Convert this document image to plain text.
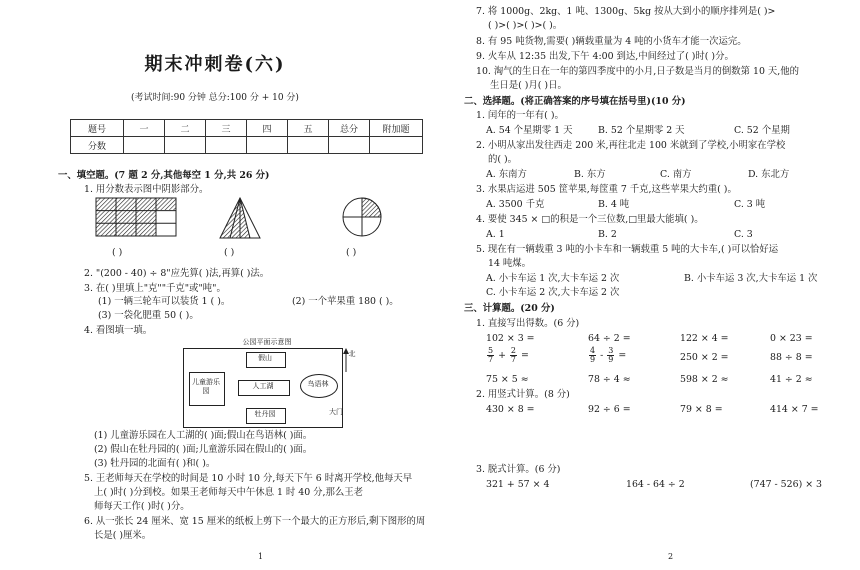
期末冲刺卷(六)
(考试时间:90 分钟 总分:100 分 + 10 分)
题号	一	二	三	四	五	总分	附加题
分数							
一、填空题。(7 题 2 分,其他每空 1 分,共 26 分)
1. 用分数表示图中阴影部分。
( )	( )	( )
2. "(200 - 40) ÷ 8"应先算( )法,再算( )法。
3. 在( )里填上"克""千克"或"吨"。
(1) 一辆三轮车可以装货 1 ( )。	(2) 一个苹果重 180 ( )。
(3) 一袋化肥重 50 ( )。
4. 看图填一填。
公园平面示意图
假山
儿童游乐园
人工湖	鸟语林
牡丹园	大门
北
(1) 儿童游乐园在人工湖的( )面;假山在鸟语林( )面。
(2) 假山在牡丹园的( )面;儿童游乐园在假山的( )面。
(3) 牡丹园的北面有( )和( )。
5. 王老师每天在学校的时间是 10 小时 10 分,每天下午 6 时离开学校,他每天早
上( )时( )分到校。如果王老师每天中午休息 1 时 40 分,那么王老
师每天工作( )时( )分。
6. 从一张长 24 厘米、宽 15 厘米的纸板上剪下一个最大的正方形后,剩下图形的周
长是( )厘米。
1
7. 将 1000g、2kg、1 吨、1300g、5kg 按从大到小的顺序排列是( )>
( )>( )>( )>( )。
8. 有 95 吨货物,需要( )辆载重量为 4 吨的小货车才能一次运完。
9. 火车从 12:35 出发,下午 4:00 到达,中间经过了( )时( )分。
10. 淘气的生日在一年的第四季度中的小月,日子数是当月的倒数第 10 天,他的
生日是( )月( )日。
二、选择题。(将正确答案的序号填在括号里)(10 分)
1. 闰年的一年有( )。
A. 54 个星期零 1 天	B. 52 个星期零 2 天	C. 52 个星期
2. 小明从家出发往西走 200 米,再往北走 100 米就到了学校,小明家在学校
的( )。
A. 东南方	B. 东方	C. 南方	D. 东北方
3. 水果店运进 505 筐苹果,每筐重 7 千克,这些苹果大约重( )。
A. 3500 千克	B. 4 吨	C. 3 吨
4. 要使 345 × □的积是一个三位数,□里最大能填( )。
A. 1	B. 2	C. 3
5. 现在有一辆载重 3 吨的小卡车和一辆载重 5 吨的大卡车,( )可以恰好运
14 吨煤。
A. 小卡车运 1 次,大卡车运 2 次	B. 小卡车运 3 次,大卡车运 1 次
C. 小卡车运 2 次,大卡车运 2 次
三、计算题。(20 分)
1. 直接写出得数。(6 分)
102 × 3 =	64 ÷ 2 =	122 × 4 =	0 × 23 =
$\frac{5}{7} + \frac{2}{7}$ =	$\frac{4}{9} - \frac{3}{9}$ =	250 × 2 =	88 ÷ 8 =
75 × 5 ≈	78 ÷ 4 ≈	598 × 2 ≈	41 ÷ 2 ≈
2. 用竖式计算。(8 分)
430 × 8 =	92 ÷ 6 =	79 × 8 =	414 × 7 =
3. 脱式计算。(6 分)
321 + 57 × 4	164 - 64 ÷ 2	(747 - 526) × 3
2
